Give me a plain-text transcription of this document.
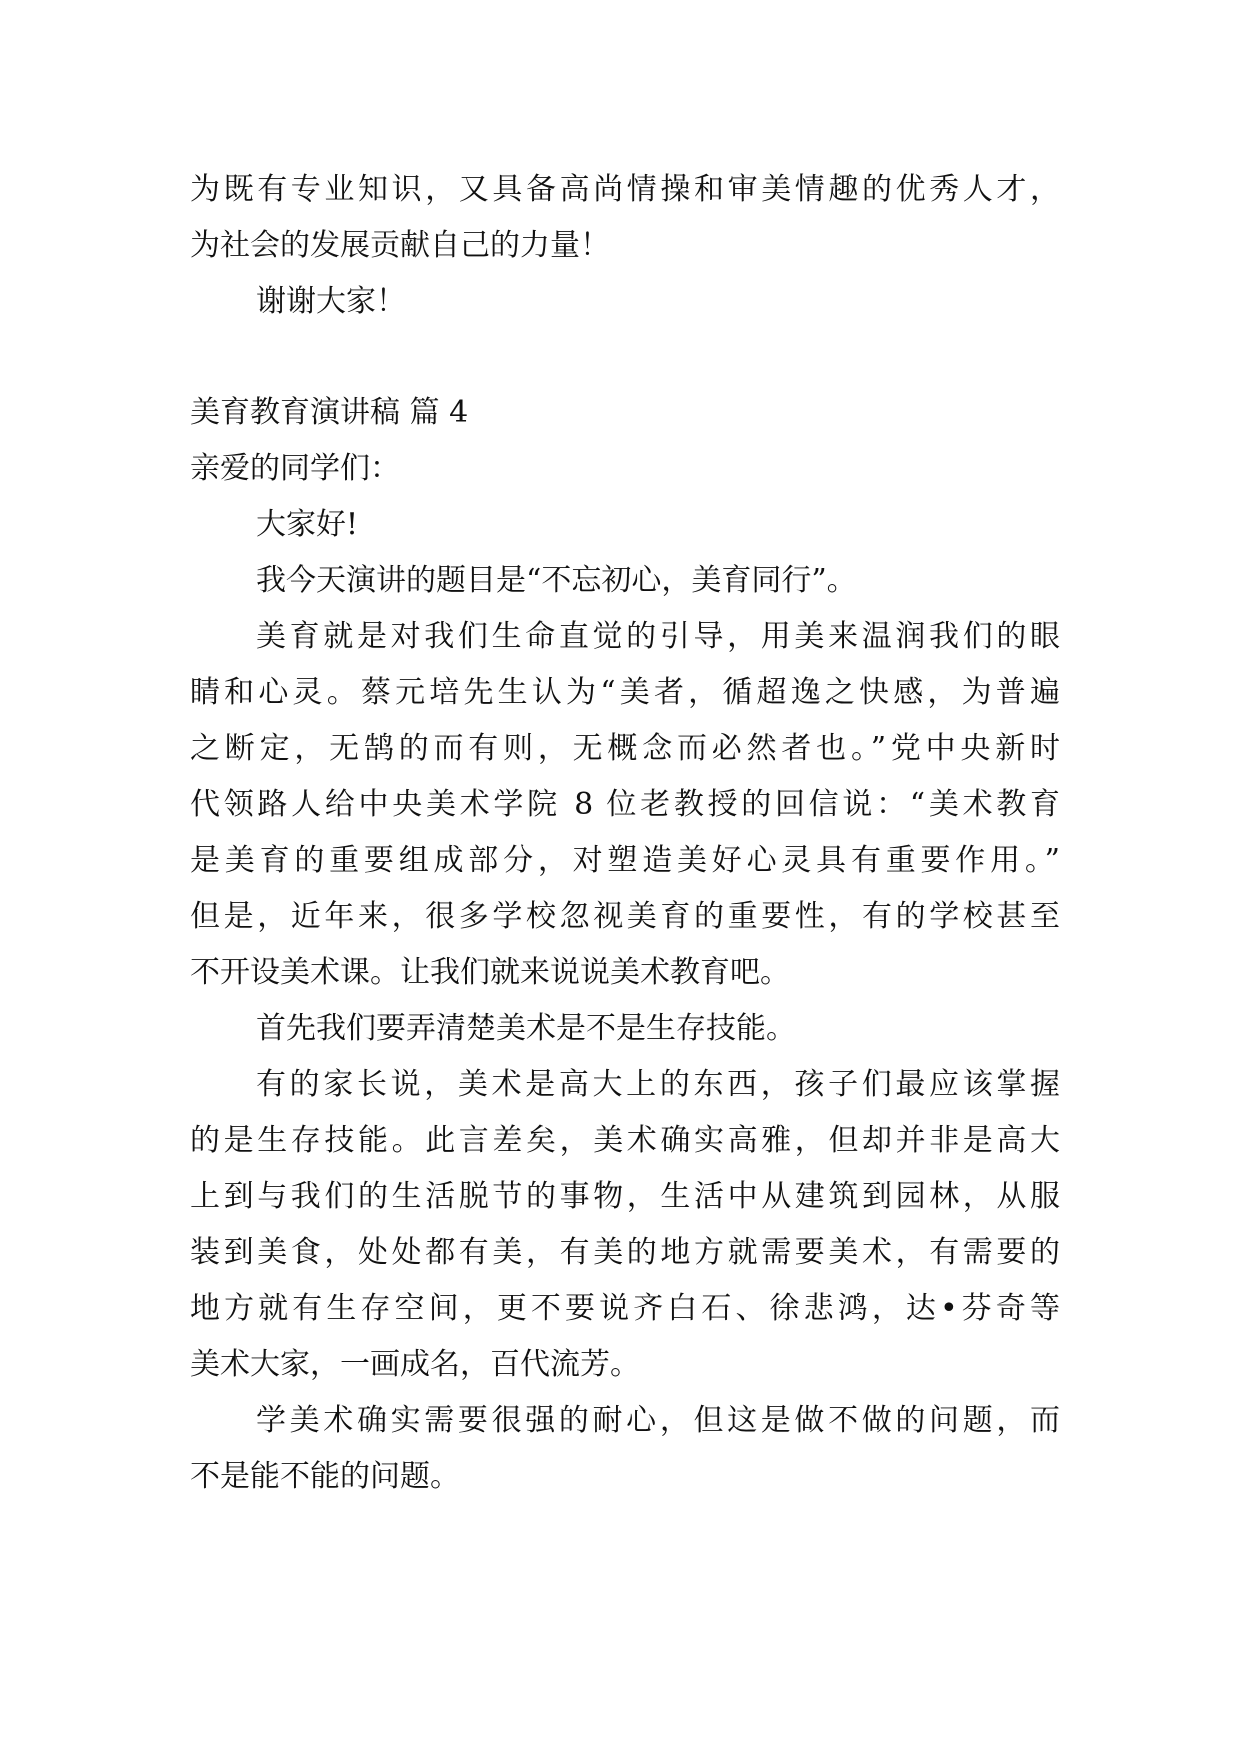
为既有专业知识，又具备高尚情操和审美情趣的优秀人才，
为社会的发展贡献自己的力量！
谢谢大家！
美育教育演讲稿 篇 4
亲爱的同学们：
大家好!
我今天演讲的题目是“不忘初心，美育同行”。
美育就是对我们生命直觉的引导，用美来温润我们的眼
睛和心灵。蔡元培先生认为“美者，循超逸之快感，为普遍
之断定，无鹄的而有则，无概念而必然者也。”党中央新时
代领路人给中央美术学院 8 位老教授的回信说：“美术教育
是美育的重要组成部分，对塑造美好心灵具有重要作用。”
但是，近年来，很多学校忽视美育的重要性，有的学校甚至
不开设美术课。让我们就来说说美术教育吧。
首先我们要弄清楚美术是不是生存技能。
有的家长说，美术是高大上的东西，孩子们最应该掌握
的是生存技能。此言差矣，美术确实高雅，但却并非是高大
上到与我们的生活脱节的事物，生活中从建筑到园林，从服
装到美食，处处都有美，有美的地方就需要美术，有需要的
地方就有生存空间，更不要说齐白石、徐悲鸿，达•芬奇等
美术大家，一画成名，百代流芳。
学美术确实需要很强的耐心，但这是做不做的问题，而
不是能不能的问题。
